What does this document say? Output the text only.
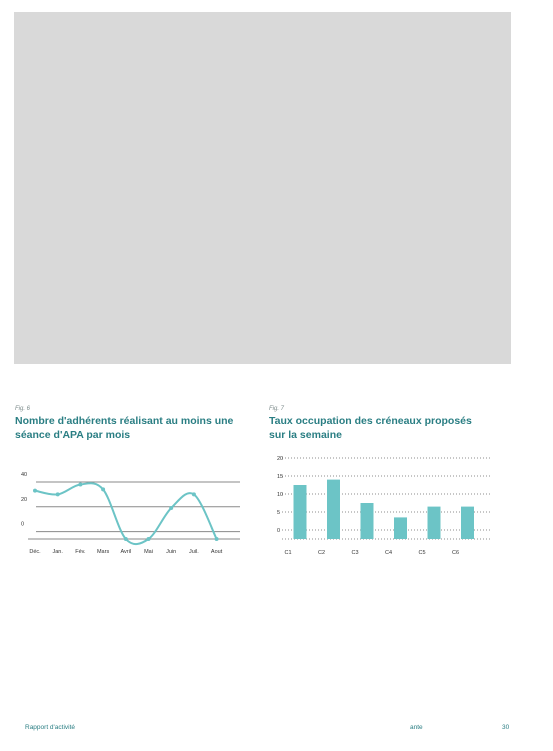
Fig. 6
Nombre d'adhérents réalisant au moins une séance d'APA par mois
0
20
40
Déc. Jan. Fév. Mars Avril Mai Juin Juil. Aout
Fig. 7
Taux occupation des créneaux proposés sur la semaine
0
5
10
15
20
C1	C2	C3	C4	C5	C6
Rapport d'activité	ante	30
